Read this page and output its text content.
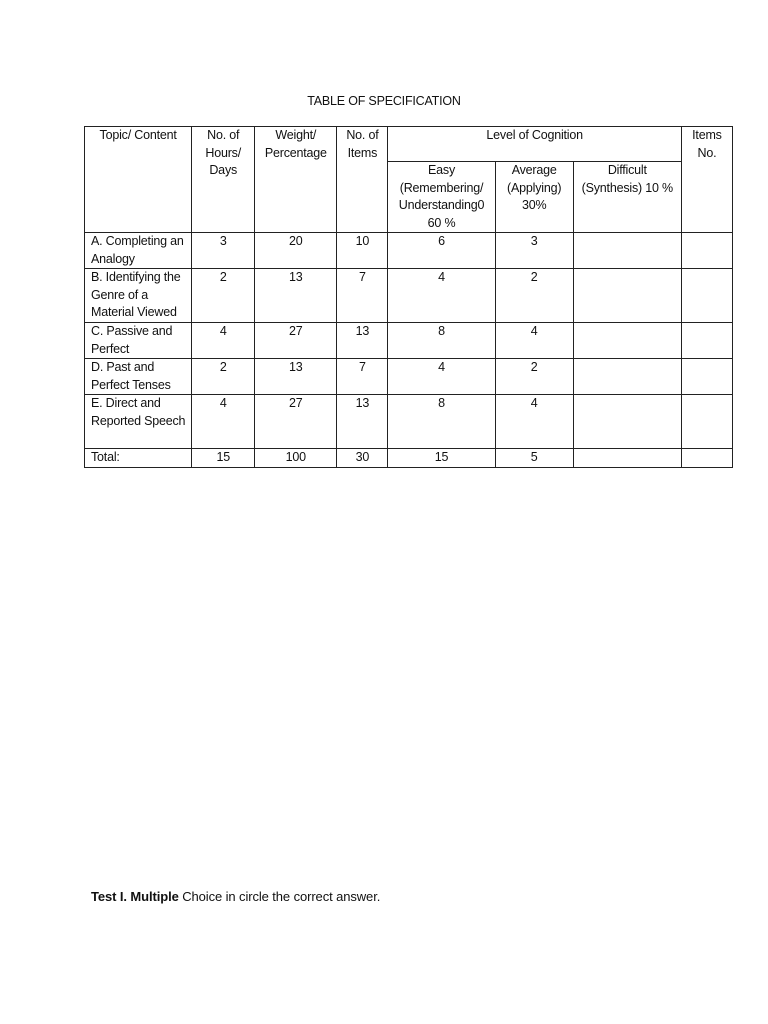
TABLE OF SPECIFICATION
Topic/ Content	No. of Hours/ Days	Weight/ Percentage	No. of Items	Level of Cognition			Items No.
				Easy (Remembering/ Understanding0 60 %	Average (Applying) 30%	Difficult (Synthesis) 10 %	
A. Completing an Analogy	3	20	10	6	3		
B. Identifying the Genre of a Material Viewed	2	13	7	4	2		
C. Passive and Perfect	4	27	13	8	4		
D. Past and Perfect Tenses	2	13	7	4	2		
E. Direct and Reported Speech	4	27	13	8	4		
Total:	15	100	30	15	5		
Test I. Multiple Choice in circle the correct answer.
